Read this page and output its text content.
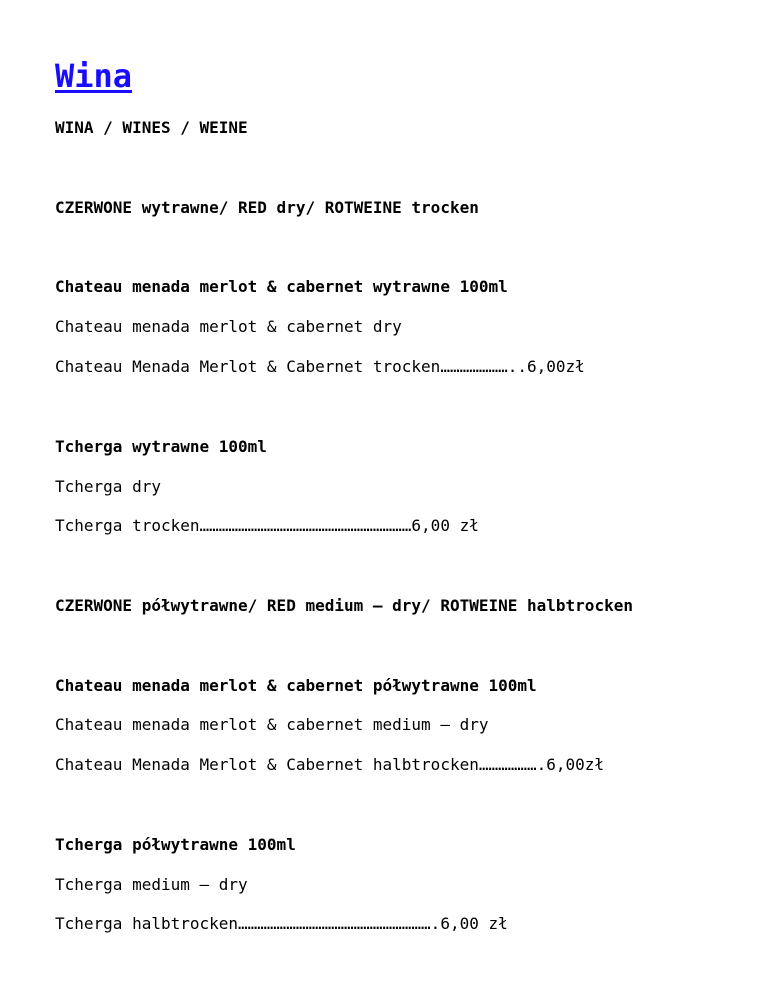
Wina
WINA / WINES / WEINE
CZERWONE wytrawne/ RED dry/ ROTWEINE trocken
Chateau menada merlot & cabernet wytrawne 100ml
Chateau menada merlot & cabernet dry
Chateau Menada Merlot & Cabernet trocken…………………..6,00zł
Tcherga wytrawne 100ml
Tcherga dry
Tcherga trocken…………………………………………………………6,00 zł
CZERWONE półwytrawne/ RED medium – dry/ ROTWEINE halbtrocken
Chateau menada merlot & cabernet półwytrawne 100ml
Chateau menada merlot & cabernet medium – dry
Chateau Menada Merlot & Cabernet halbtrocken……………….6,00zł
Tcherga półwytrawne 100ml
Tcherga medium – dry
Tcherga halbtrocken…………………………………………………….6,00 zł
